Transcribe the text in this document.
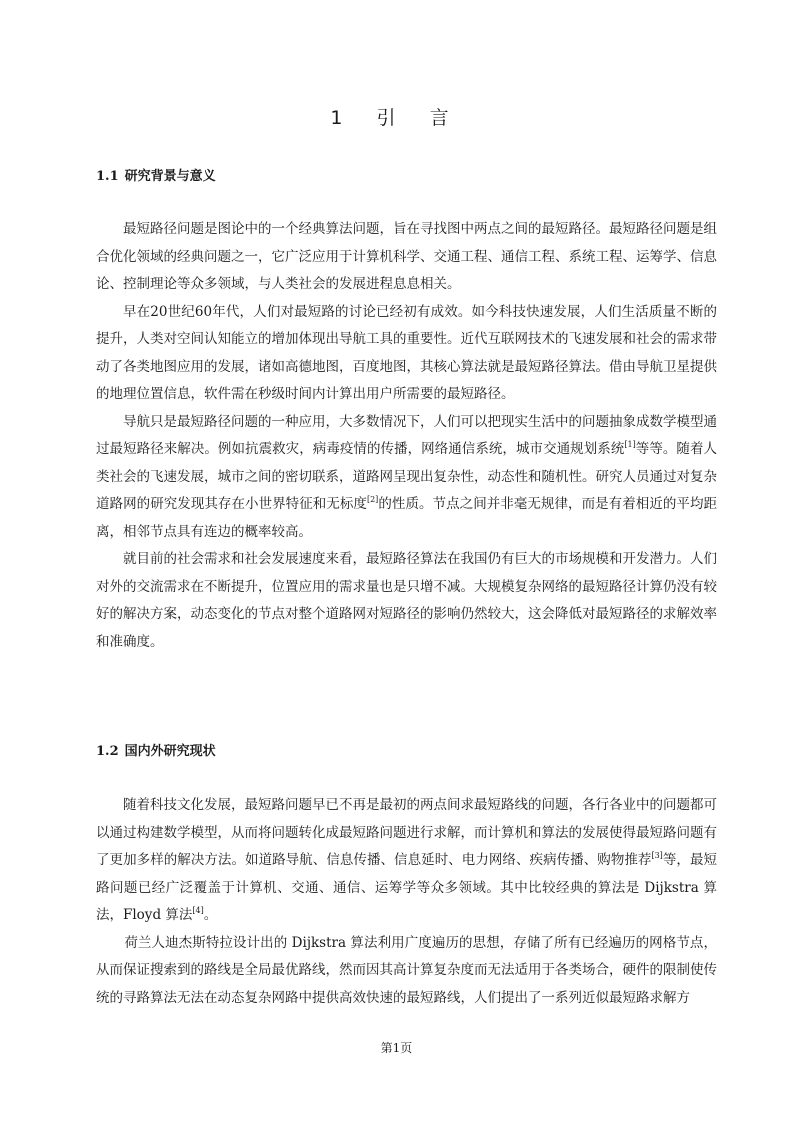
1 引 言
1.1 研究背景与意义

最短路径问题是图论中的一个经典算法问题，旨在寻找图中两点之间的最短路径。最短路径问题是组合优化领域的经典问题之一，它广泛应用于计算机科学、交通工程、通信工程、系统工程、运筹学、信息论、控制理论等众多领域，与人类社会的发展进程息息相关。

早在20世纪60年代，人们对最短路的讨论已经初有成效。如今科技快速发展，人们生活质量不断的提升，人类对空间认知能立的增加体现出导航工具的重要性。近代互联网技术的飞速发展和社会的需求带动了各类地图应用的发展，诸如高德地图，百度地图，其核心算法就是最短路径算法。借由导航卫星提供的地理位置信息，软件需在秒级时间内计算出用户所需要的最短路径。

导航只是最短路径问题的一种应用，大多数情况下，人们可以把现实生活中的问题抽象成数学模型通过最短路径来解决。例如抗震救灾，病毒疫情的传播，网络通信系统，城市交通规划系统[1]等等。随着人类社会的飞速发展，城市之间的密切联系，道路网呈现出复杂性，动态性和随机性。研究人员通过对复杂道路网的研究发现其存在小世界特征和无标度[2]的性质。节点之间并非毫无规律，而是有着相近的平均距离，相邻节点具有连边的概率较高。

就目前的社会需求和社会发展速度来看，最短路径算法在我国仍有巨大的市场规模和开发潜力。人们对外的交流需求在不断提升，位置应用的需求量也是只增不减。大规模复杂网络的最短路径计算仍没有较好的解决方案，动态变化的节点对整个道路网对短路径的影响仍然较大，这会降低对最短路径的求解效率和准确度。

1.2 国内外研究现状

随着科技文化发展，最短路问题早已不再是最初的两点间求最短路线的问题，各行各业中的问题都可以通过构建数学模型，从而将问题转化成最短路问题进行求解，而计算机和算法的发展使得最短路问题有了更加多样的解决方法。如道路导航、信息传播、信息延时、电力网络、疾病传播、购物推荐[3]等，最短路问题已经广泛覆盖于计算机、交通、通信、运筹学等众多领域。其中比较经典的算法是 Dijkstra 算法，Floyd 算法[4]。

荷兰人迪杰斯特拉设计出的 Dijkstra 算法利用广度遍历的思想，存储了所有已经遍历的网格节点，从而保证搜索到的路线是全局最优路线，然而因其高计算复杂度而无法适用于各类场合，硬件的限制使传统的寻路算法无法在动态复杂网路中提供高效快速的最短路线，人们提出了一系列近似最短路求解方

第1页
